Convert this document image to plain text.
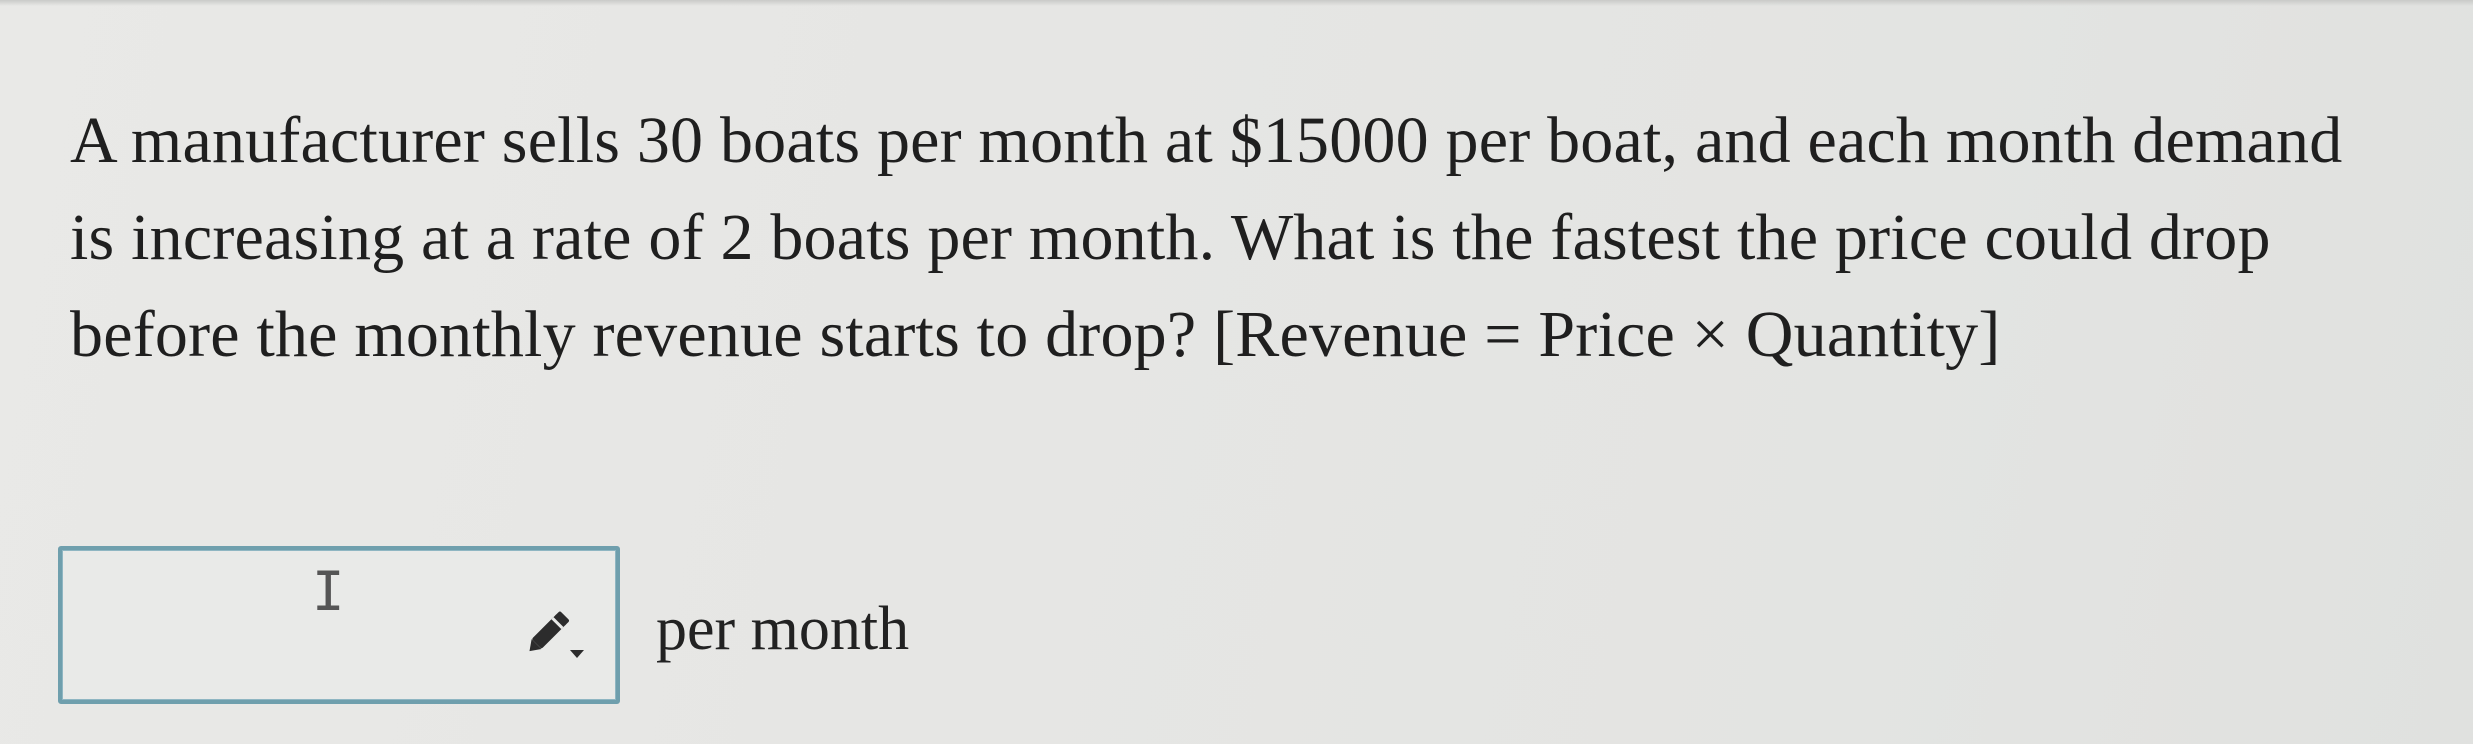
A manufacturer sells 30 boats per month at $15000 per boat, and each month demand is increasing at a rate of 2 boats per month. What is the fastest the price could drop before the monthly revenue starts to drop? [Revenue = Price × Quantity]

I
per month
